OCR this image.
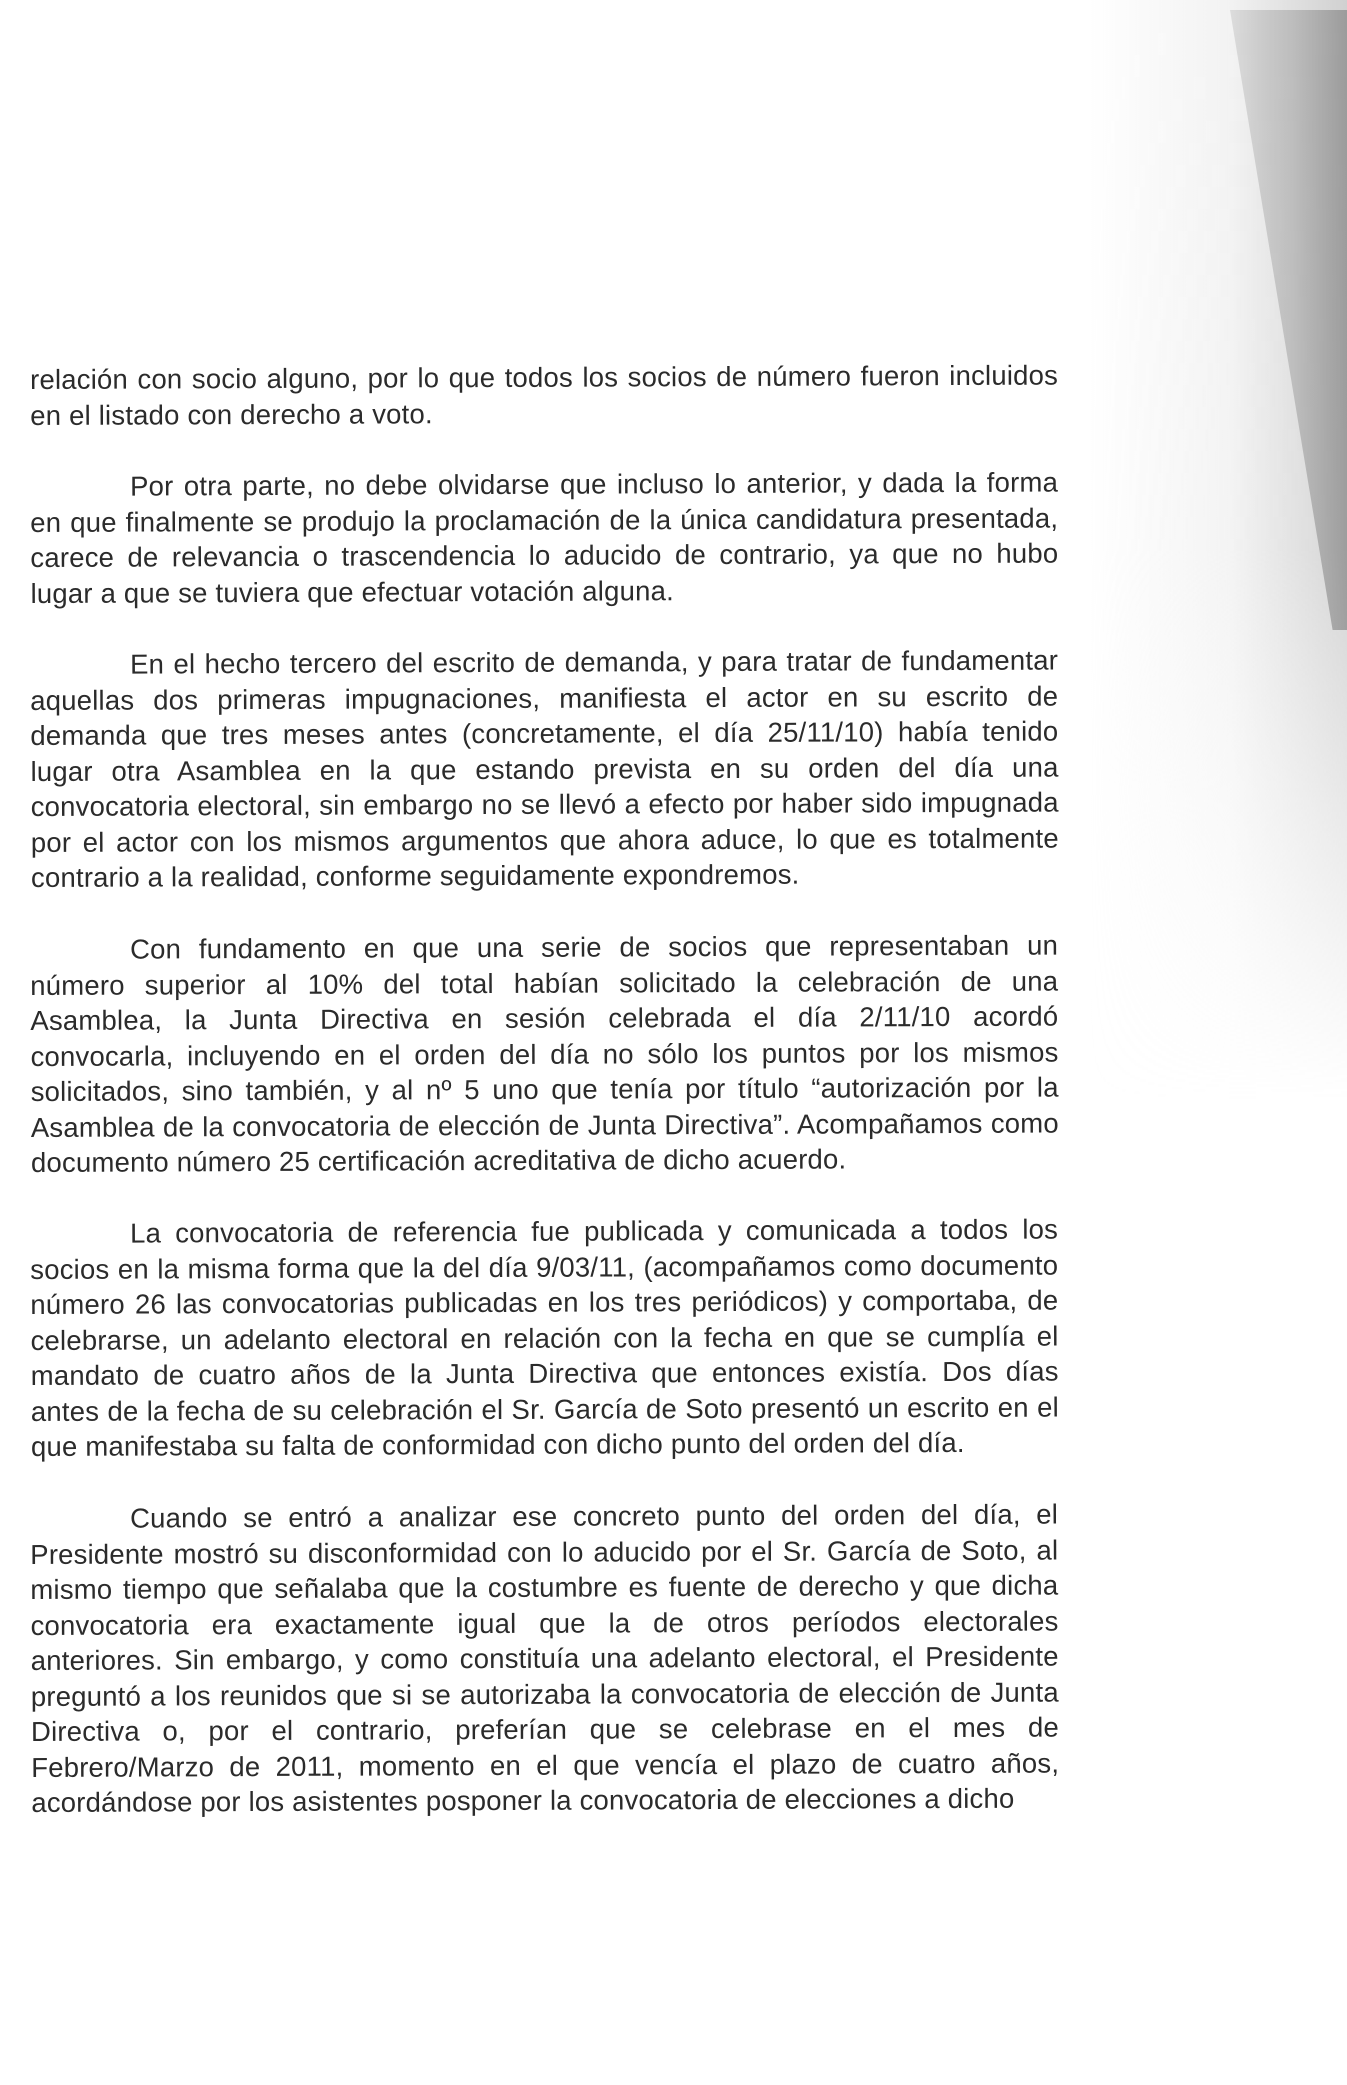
relación con socio alguno, por lo que todos los socios de número fueron incluidos en el listado con derecho a voto.

Por otra parte, no debe olvidarse que incluso lo anterior, y dada la forma en que finalmente se produjo la proclamación de la única candidatura presentada, carece de relevancia o trascendencia lo aducido de contrario, ya que no hubo lugar a que se tuviera que efectuar votación alguna.

En el hecho tercero del escrito de demanda, y para tratar de fundamentar aquellas dos primeras impugnaciones, manifiesta el actor en su escrito de demanda que tres meses antes (concretamente, el día 25/11/10) había tenido lugar otra Asamblea en la que estando prevista en su orden del día una convocatoria electoral, sin embargo no se llevó a efecto por haber sido impugnada por el actor con los mismos argumentos que ahora aduce, lo que es totalmente contrario a la realidad, conforme seguidamente expondremos.

Con fundamento en que una serie de socios que representaban un número superior al 10% del total habían solicitado la celebración de una Asamblea, la Junta Directiva en sesión celebrada el día 2/11/10 acordó convocarla, incluyendo en el orden del día no sólo los puntos por los mismos solicitados, sino también, y al nº 5 uno que tenía por título “autorización por la Asamblea de la convocatoria de elección de Junta Directiva”. Acompañamos como documento número 25 certificación acreditativa de dicho acuerdo.

La convocatoria de referencia fue publicada y comunicada a todos los socios en la misma forma que la del día 9/03/11, (acompañamos como documento número 26 las convocatorias publicadas en los tres periódicos) y comportaba, de celebrarse, un adelanto electoral en relación con la fecha en que se cumplía el mandato de cuatro años de la Junta Directiva que entonces existía. Dos días antes de la fecha de su celebración el Sr. García de Soto presentó un escrito en el que manifestaba su falta de conformidad con dicho punto del orden del día.

Cuando se entró a analizar ese concreto punto del orden del día, el Presidente mostró su disconformidad con lo aducido por el Sr. García de Soto, al mismo tiempo que señalaba que la costumbre es fuente de derecho y que dicha convocatoria era exactamente igual que la de otros períodos electorales anteriores. Sin embargo, y como constituía una adelanto electoral, el Presidente preguntó a los reunidos que si se autorizaba la convocatoria de elección de Junta Directiva o, por el contrario, preferían que se celebrase en el mes de Febrero/Marzo de 2011, momento en el que vencía el plazo de cuatro años, acordándose por los asistentes posponer la convocatoria de elecciones a dicho
